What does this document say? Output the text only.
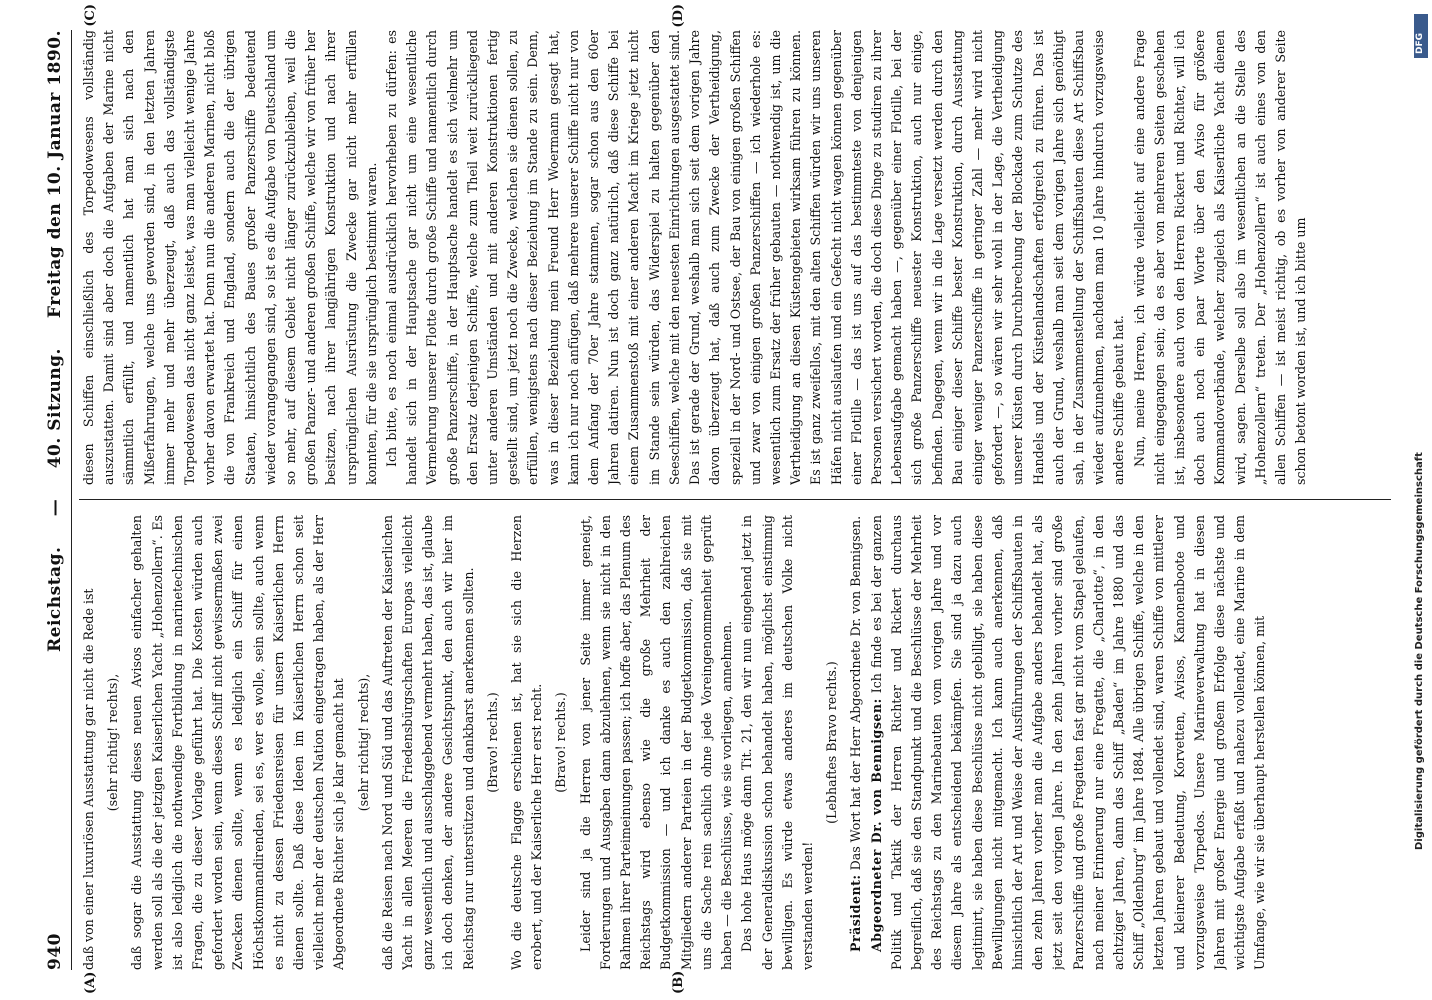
940
Reichstag. — 40. Sitzung.
Freitag den 10. Januar 1890.
(A)	(B)
(C)	(D)

daß von einer luxuriösen Ausstattung gar nicht die Rede ist (sehr richtig! rechts), daß sogar die Ausstattung dieses neuen Avisos einfacher gehalten werden soll als die der jetzigen Kaiserlichen Yacht „Hohenzollern“. Es ist also lediglich die nothwendige Fortbildung in marinetechnischen Fragen, die zu dieser Vorlage geführt hat. Die Kosten würden auch gefordert worden sein, wenn dieses Schiff nicht gewissermaßen zwei Zwecken dienen sollte, wenn es lediglich ein Schiff für einen Höchstkommandirenden, sei es, wer es wolle, sein sollte, auch wenn es nicht zu dessen Friedensreisen für unsern Kaiserlichen Herrn dienen sollte. Daß diese Ideen im Kaiserlichen Herrn schon seit vielleicht mehr der deutschen Nation eingetragen haben, als der Herr Abgeordnete Richter sich je klar gemacht hat (sehr richtig! rechts), daß die Reisen nach Nord und Süd und das Auftreten der Kaiserlichen Yacht in allen Meeren die Friedensbürgschaften Europas vielleicht ganz wesentlich und ausschlaggebend vermehrt haben, das ist, glaube ich doch denken, der andere Gesichtspunkt, den auch wir hier im Reichstag nur unterstützen und dankbarst anerkennen sollten. (Bravo! rechts.) Wo die deutsche Flagge erschienen ist, hat sie sich die Herzen erobert, und der Kaiserliche Herr erst recht. (Bravo! rechts.) Leider sind ja die Herren von jener Seite immer geneigt, Forderungen und Ausgaben dann abzulehnen, wenn sie nicht in den Rahmen ihrer Parteimeinungen passen; ich hoffe aber, das Plenum des Reichstags wird ebenso wie die große Mehrheit der Budgetkommission — und ich danke es auch den zahlreichen Mitgliedern anderer Parteien in der Budgetkommission, daß sie mit uns die Sache rein sachlich ohne jede Voreingenommenheit geprüft haben — die Beschlüsse, wie sie vorliegen, annehmen. Das hohe Haus möge dann Tit. 21, den wir nun eingehend jetzt in der Generaldiskussion schon behandelt haben, möglichst einstimmig bewilligen. Es würde etwas anderes im deutschen Volke nicht verstanden werden!

(Lebhaftes Bravo rechts.)

Präsident: Das Wort hat der Herr Abgeordnete Dr. von Bennigsen. Abgeordneter Dr. von Bennigsen: Ich finde es bei der ganzen Politik und Taktik der Herren Richter und Rickert durchaus begreiflich, daß sie den Standpunkt und die Beschlüsse der Mehrheit des Reichstags zu den Marinebauten vom vorigen Jahre und vor diesem Jahre als entscheidend bekämpfen. Sie sind ja dazu auch legitimirt, sie haben diese Beschlüsse nicht gebilligt, sie haben diese Bewilligungen nicht mitgemacht. Ich kann auch anerkennen, daß hinsichtlich der Art und Weise der Ausführungen der Schiffsbauten in den zehn Jahren vorher man die Aufgabe anders behandelt hat, als jetzt seit den vorigen Jahre. In den zehn Jahren vorher sind große Panzerschiffe und große Fregatten fast gar nicht vom Stapel gelaufen, nach meiner Erinnerung nur eine Fregatte, die „Charlotte“, in den achtziger Jahren, dann das Schiff „Baden“ im Jahre 1880 und das Schiff „Oldenburg“ im Jahre 1884. Alle übrigen Schiffe, welche in den letzten Jahren gebaut und vollendet sind, waren Schiffe von mittlerer und kleinerer Bedeutung, Korvetten, Avisos, Kanonenboote und vorzugsweise Torpedos. Unsere Marineverwaltung hat in diesen Jahren mit großer Energie und großem Erfolge diese nächste und wichtigste Aufgabe erfaßt und nahezu vollendet, eine Marine in dem Umfange, wie wir sie überhaupt herstellen können, mit

diesen Schiffen einschließlich des Torpedowesens vollständig auszustatten. Damit sind aber doch die Aufgaben der Marine nicht sämmtlich erfüllt, und namentlich hat man sich nach den Mißerfahrungen, welche uns geworden sind, in den letzten Jahren immer mehr und mehr überzeugt, daß auch das vollständigste Torpedowesen das nicht ganz leistet, was man vielleicht wenige Jahre vorher davon erwartet hat. Denn nun die anderen Marinen, nicht bloß die von Frankreich und England, sondern auch die der übrigen Staaten, hinsichtlich des Baues großer Panzerschiffe bedeutend wieder vorangegangen sind, so ist es die Aufgabe von Deutschland um so mehr, auf diesem Gebiet nicht länger zurückzubleiben, weil die großen Panzer- und anderen großen Schiffe, welche wir von früher her besitzen, nach ihrer langjährigen Konstruktion und nach ihrer ursprünglichen Ausrüstung die Zwecke gar nicht mehr erfüllen konnten, für die sie ursprünglich bestimmt waren. Ich bitte, es noch einmal ausdrücklich hervorheben zu dürfen: es handelt sich in der Hauptsache gar nicht um eine wesentliche Vermehrung unserer Flotte durch große Schiffe und namentlich durch große Panzerschiffe, in der Hauptsache handelt es sich vielmehr um den Ersatz derjenigen Schiffe, welche zum Theil weit zurückliegend unter anderen Umständen und mit anderen Konstruktionen fertig gestellt sind, um jetzt noch die Zwecke, welchen sie dienen sollen, zu erfüllen, wenigstens nach dieser Beziehung im Stande zu sein. Denn, was in dieser Beziehung mein Freund Herr Woermann gesagt hat, kann ich nur noch anfügen, daß mehrere unserer Schiffe nicht nur von dem Anfang der 70er Jahre stammen, sogar schon aus den 60er Jahren datiren. Nun ist doch ganz natürlich, daß diese Schiffe bei einem Zusammenstoß mit einer anderen Macht im Kriege jetzt nicht im Stande sein würden, das Widerspiel zu halten gegenüber den Seeschiffen, welche mit den neuesten Einrichtungen ausgestattet sind. Das ist gerade der Grund, weshalb man sich seit dem vorigen Jahre davon überzeugt hat, daß auch zum Zwecke der Vertheidigung, speziell in der Nord- und Ostsee, der Bau von einigen großen Schiffen und zwar von einigen großen Panzerschiffen — ich wiederhole es: wesentlich zum Ersatz der früher gebauten — nothwendig ist, um die Vertheidigung an diesen Küstengebieten wirksam führen zu können. Es ist ganz zweifellos, mit den alten Schiffen würden wir uns unseren Häfen nicht auslaufen und ein Gefecht nicht wagen können gegenüber einer Flotille — das ist uns auf das bestimmteste von denjenigen Personen versichert worden, die doch diese Dinge zu studiren zu ihrer Lebensaufgabe gemacht haben —, gegenüber einer Flotille, bei der sich große Panzerschiffe neuester Konstruktion, auch nur einige, befinden. Dagegen, wenn wir in die Lage versetzt werden durch den Bau einiger dieser Schiffe bester Konstruktion, durch Ausstattung einiger weniger Panzerschiffe in geringer Zahl — mehr wird nicht gefordert —, so wären wir sehr wohl in der Lage, die Vertheidigung unserer Küsten durch Durchbrechung der Blockade zum Schutze des Handels und der Küstenlandschaften erfolgreich zu führen. Das ist auch der Grund, weshalb man seit dem vorigen Jahre sich genöthigt sah, in der Zusammenstellung der Schiffsbauten diese Art Schiffsbau wieder aufzunehmen, nachdem man 10 Jahre hindurch vorzugsweise andere Schiffe gebaut hat. Nun, meine Herren, ich würde vielleicht auf eine andere Frage nicht eingegangen sein; da es aber von mehreren Seiten geschehen ist, insbesondere auch von den Herren Rickert und Richter, will ich doch auch noch ein paar Worte über den Aviso für größere Kommandoverbände, welcher zugleich als Kaiserliche Yacht dienen wird, sagen. Derselbe soll also im wesentlichen an die Stelle des „Hohenzollern“ treten. Der „Hohenzollern“ ist auch eines von den allen Schiffen — ist meist richtig, ob es vorher von anderer Seite schon betont worden ist, und ich bitte um

Digitalisierung gefördert durch die Deutsche Forschungsgemeinschaft
DFG
